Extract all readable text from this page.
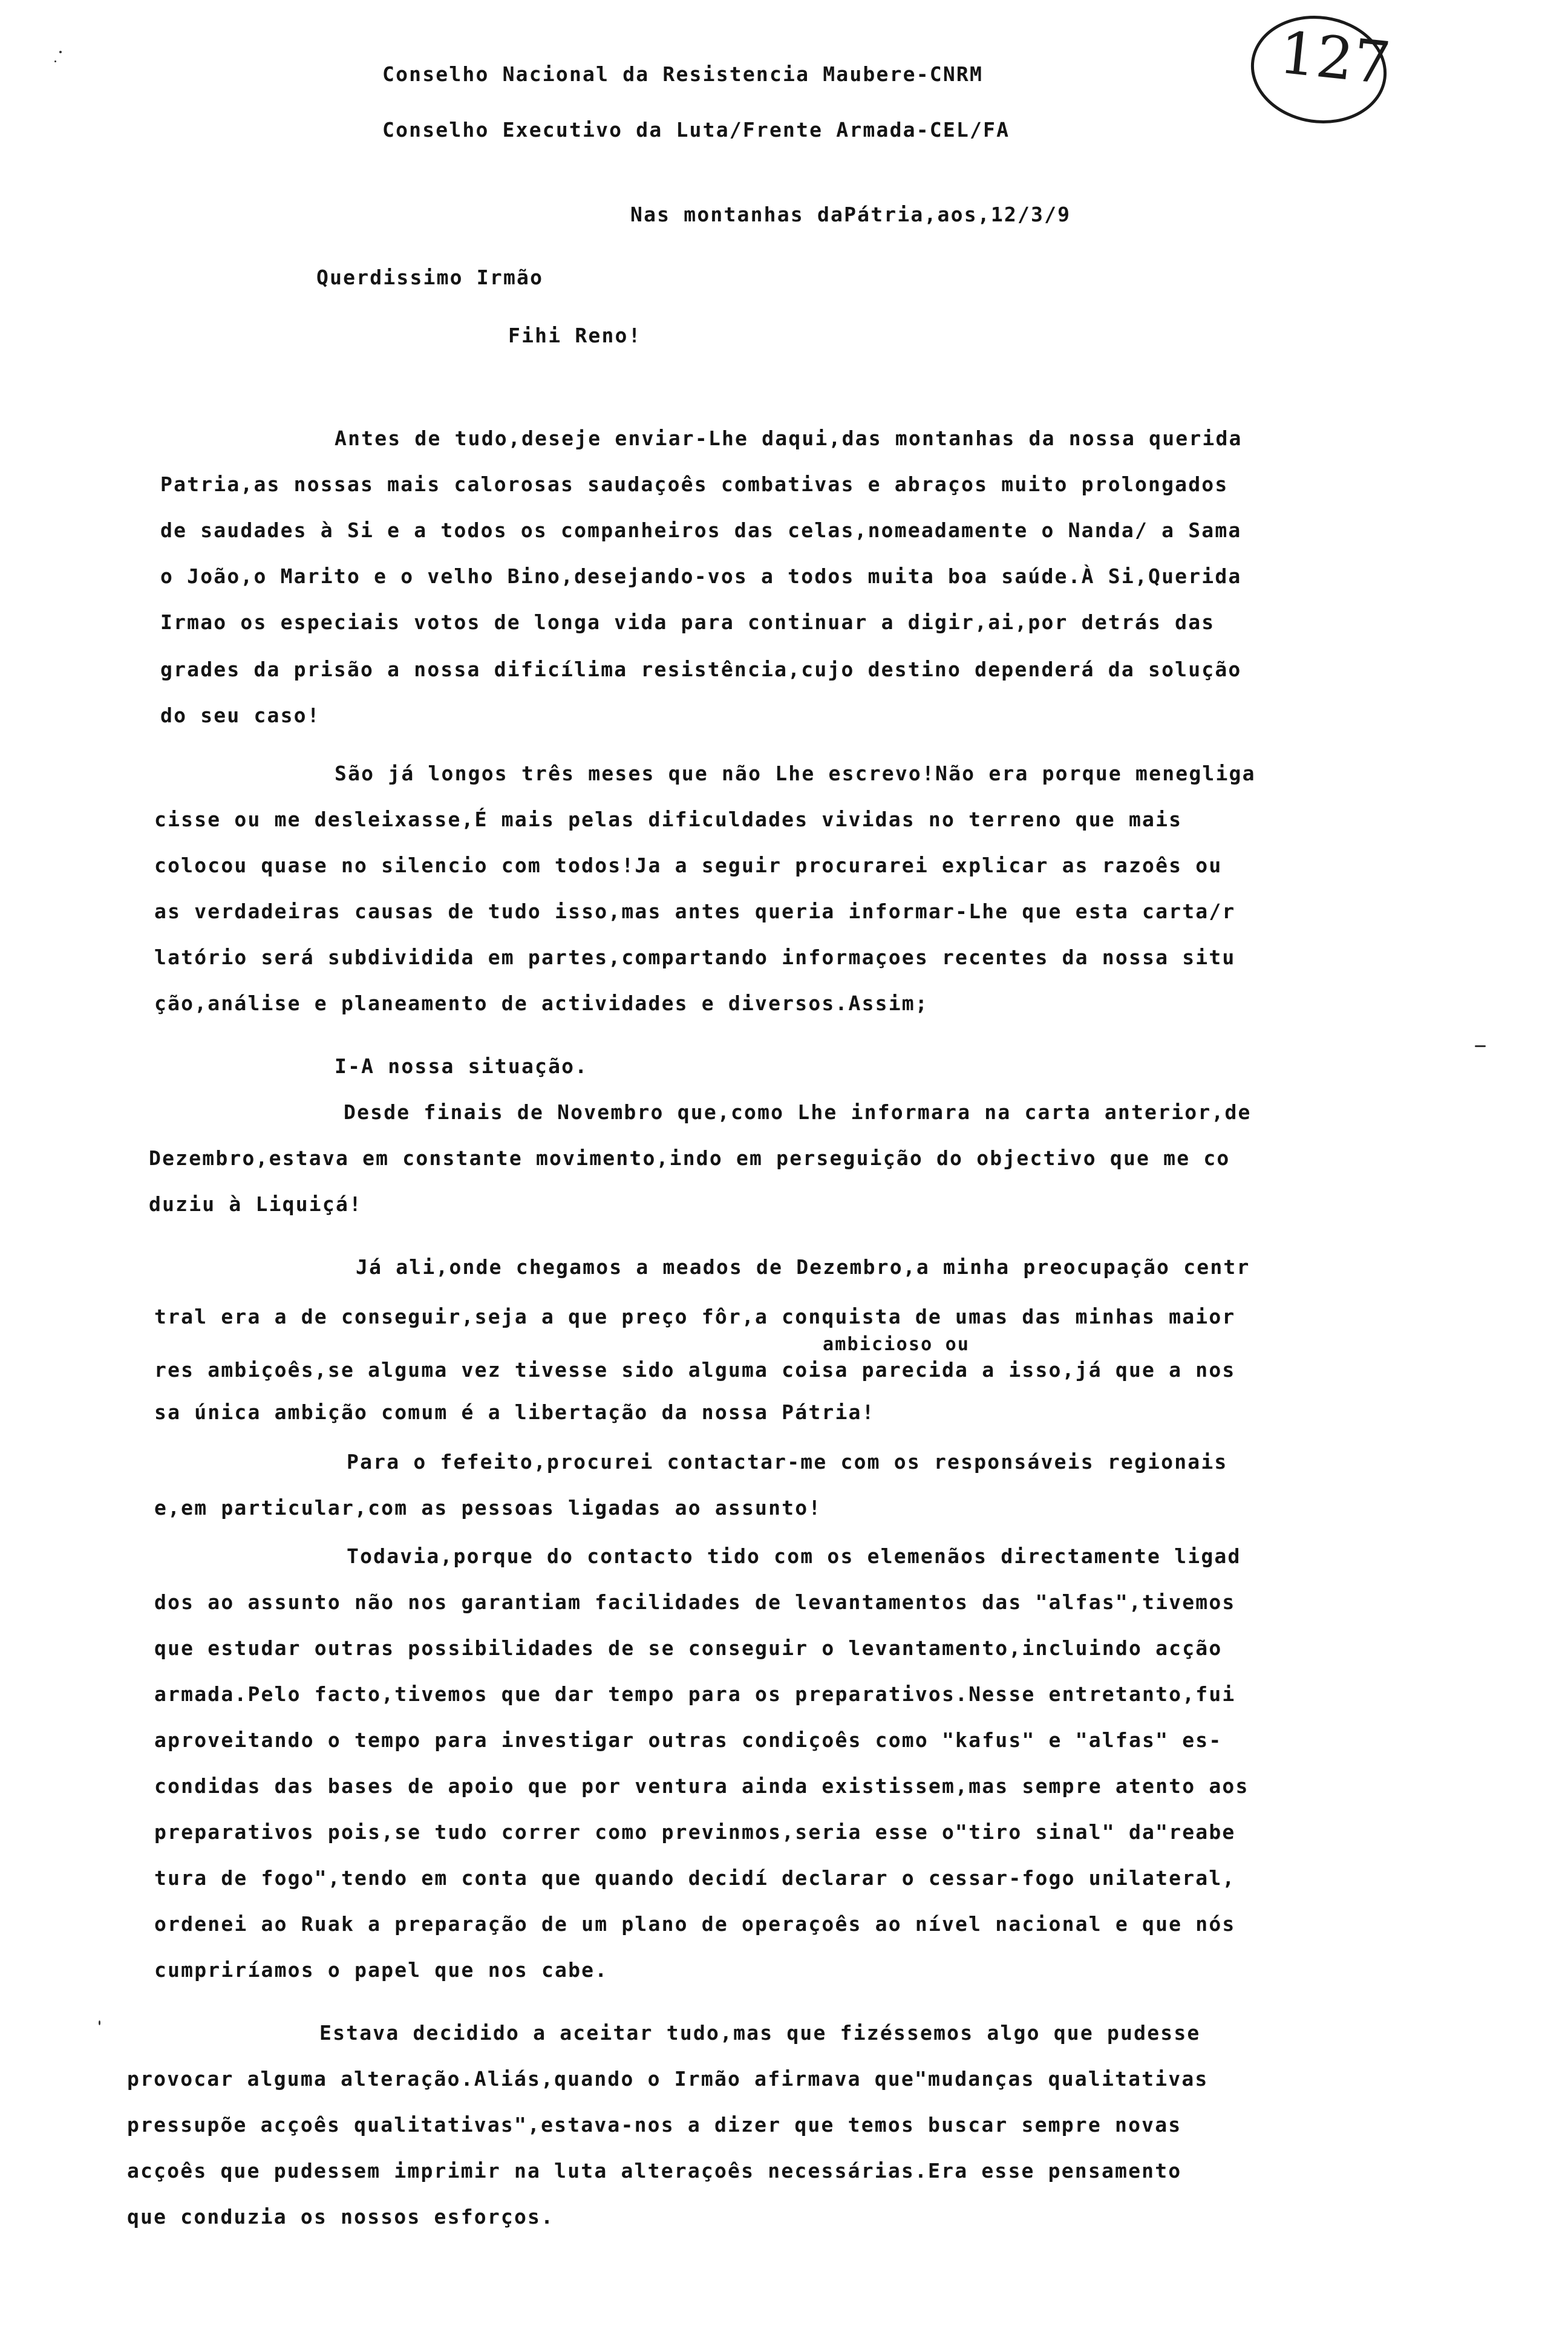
127
Conselho Nacional da Resistencia Maubere-CNRM
Conselho Executivo da Luta/Frente Armada-CEL/FA
Nas montanhas daPátria,aos,12/3/9
Querdissimo Irmão
Fihi Reno!
Antes de tudo,deseje enviar-Lhe daqui,das montanhas da nossa querida
Patria,as nossas mais calorosas saudaçoês combativas e abraços muito prolongados
de saudades à Si e a todos os companheiros das celas,nomeadamente o Nanda/ a Sama
o João,o Marito e o velho Bino,desejando-vos a todos muita boa saúde.À Si,Querida
Irmao os especiais votos de longa vida para continuar a digir,ai,por detrás das
grades da prisão a nossa dificílima resistência,cujo destino dependerá da solução
do seu caso!
São já longos três meses que não Lhe escrevo!Não era porque menegliga
cisse ou me desleixasse,É mais pelas dificuldades vividas no terreno que mais
colocou quase no silencio com todos!Ja a seguir procurarei explicar as razoês ou
as verdadeiras causas de tudo isso,mas antes queria informar-Lhe que esta carta/r
latório será subdividida em partes,compartando informaçoes recentes da nossa situ
ção,análise e planeamento de actividades e diversos.Assim;
I-A nossa situação.
Desde finais de Novembro que,como Lhe informara na carta anterior,de
Dezembro,estava em constante movimento,indo em perseguição do objectivo que me co
duziu à Liquiçá!
Já ali,onde chegamos a meados de Dezembro,a minha preocupação centr
tral era a de conseguir,seja a que preço fôr,a conquista de umas das minhas maior
ambicioso ou
res ambiçoês,se alguma vez tivesse sido alguma coisa parecida a isso,já que a nos
sa única ambição comum é a libertação da nossa Pátria!
Para o fefeito,procurei contactar-me com os responsáveis regionais
e,em particular,com as pessoas ligadas ao assunto!
Todavia,porque do contacto tido com os elemenãos directamente ligad
dos ao assunto não nos garantiam facilidades de levantamentos das "alfas",tivemos
que estudar outras possibilidades de se conseguir o levantamento,incluindo acção
armada.Pelo facto,tivemos que dar tempo para os preparativos.Nesse entretanto,fui
aproveitando o tempo para investigar outras condiçoês como "kafus" e "alfas" es-
condidas das bases de apoio que por ventura ainda existissem,mas sempre atento aos
preparativos pois,se tudo correr como previnmos,seria esse o"tiro sinal" da"reabe
tura de fogo",tendo em conta que quando decidí declarar o cessar-fogo unilateral,
ordenei ao Ruak a preparação de um plano de operaçoês ao nível nacional e que nós
cumpriríamos o papel que nos cabe.
Estava decidido a aceitar tudo,mas que fizéssemos algo que pudesse
provocar alguma alteração.Aliás,quando o Irmão afirmava que"mudanças qualitativas
pressupõe acçoês qualitativas",estava-nos a dizer que temos buscar sempre novas
acçoês que pudessem imprimir na luta alteraçoês necessárias.Era esse pensamento
que conduzia os nossos esforços.
